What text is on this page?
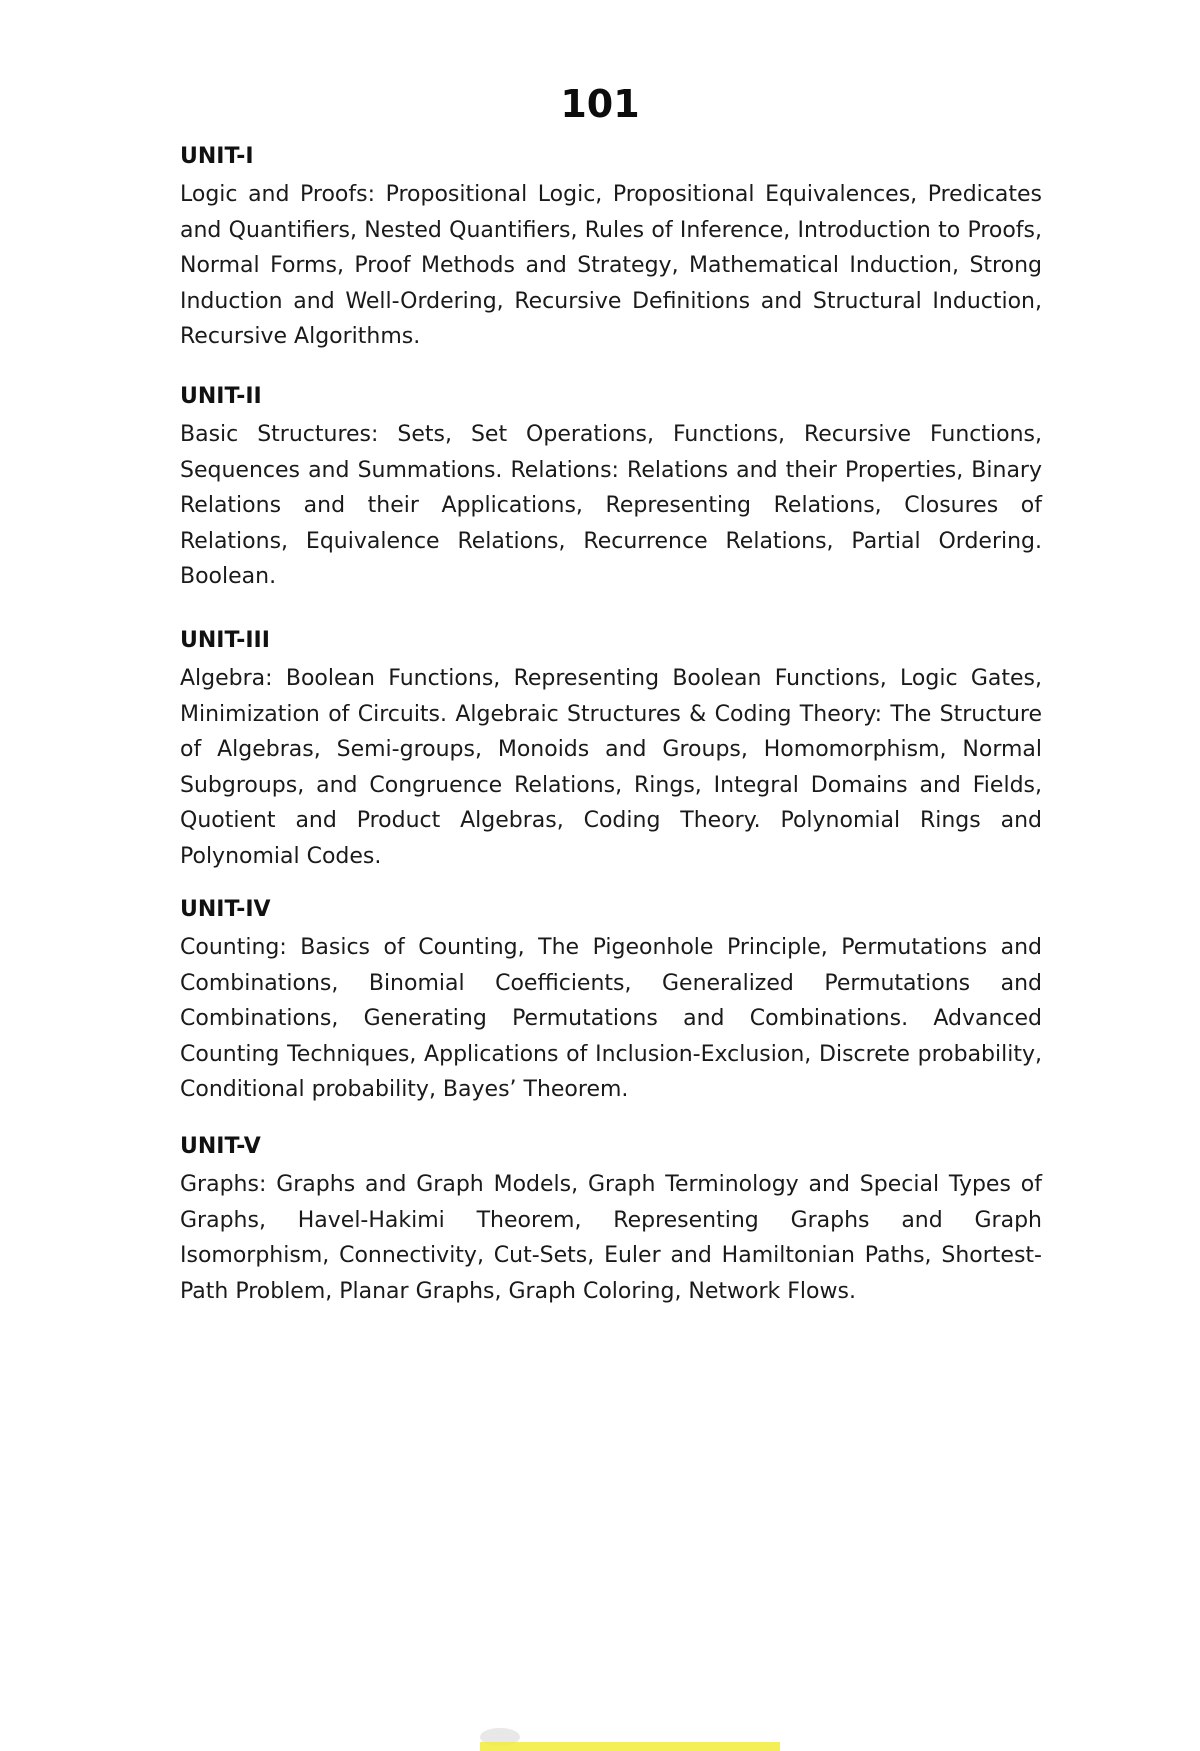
101
UNIT-I

Logic and Proofs: Propositional Logic, Propositional Equivalences, Predicates and Quantifiers, Nested Quantifiers, Rules of Inference, Introduction to Proofs, Normal Forms, Proof Methods and Strategy, Mathematical Induction, Strong Induction and Well-Ordering, Recursive Definitions and Structural Induction, Recursive Algorithms.

UNIT-II

Basic Structures: Sets, Set Operations, Functions, Recursive Functions, Sequences and Summations. Relations: Relations and their Properties, Binary Relations and their Applications, Representing Relations, Closures of Relations, Equivalence Relations, Recurrence Relations, Partial Ordering. Boolean.

UNIT-III

Algebra: Boolean Functions, Representing Boolean Functions, Logic Gates, Minimization of Circuits. Algebraic Structures & Coding Theory: The Structure of Algebras, Semi-groups, Monoids and Groups, Homomorphism, Normal Subgroups, and Congruence Relations, Rings, Integral Domains and Fields, Quotient and Product Algebras, Coding Theory. Polynomial Rings and Polynomial Codes.

UNIT-IV

Counting: Basics of Counting, The Pigeonhole Principle, Permutations and Combinations, Binomial Coefficients, Generalized Permutations and Combinations, Generating Permutations and Combinations. Advanced Counting Techniques, Applications of Inclusion-Exclusion, Discrete probability, Conditional probability, Bayes’ Theorem.

UNIT-V

Graphs: Graphs and Graph Models, Graph Terminology and Special Types of Graphs, Havel-Hakimi Theorem, Representing Graphs and Graph Isomorphism, Connectivity, Cut-Sets, Euler and Hamiltonian Paths, Shortest-Path Problem, Planar Graphs, Graph Coloring, Network Flows.
